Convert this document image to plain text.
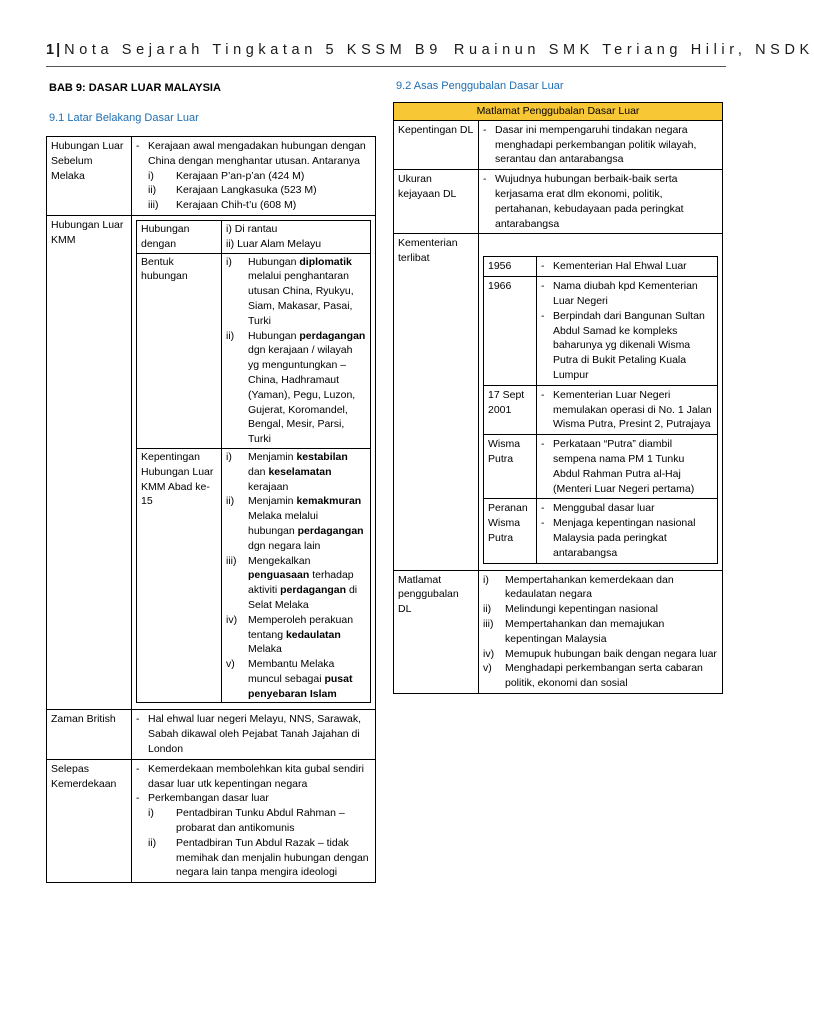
1 | Nota Sejarah Tingkatan 5 KSSM B9 Ruainun SMK Teriang Hilir, NSDK
BAB 9: DASAR LUAR MALAYSIA
9.1 Latar Belakang Dasar Luar
Hubungan Luar Sebelum Melaka	
- Kerajaan awal mengadakan hubungan dengan China dengan menghantar utusan. Antaranya
i)	Kerajaan P’an-p’an (424 M)
ii)	Kerajaan Langkasuka (523 M)
iii)	Kerajaan Chih-t’u (608 M)

Hubungan Luar KMM	
Hubungan dengan	
i) Di rantau
ii) Luar Alam Melayu

Bentuk hubungan	
i)	Hubungan diplomatik melalui penghantaran utusan China, Ryukyu, Siam, Makasar, Pasai, Turki
ii)	Hubungan perdagangan dgn kerajaan / wilayah yg menguntungkan – China, Hadhramaut (Yaman), Pegu, Luzon, Gujerat, Koromandel, Bengal, Mesir, Parsi, Turki

Kepentingan Hubungan Luar KMM Abad ke-15	
i)	Menjamin kestabilan dan keselamatan kerajaan
ii)	Menjamin kemakmuran Melaka melalui hubungan perdagangan dgn negara lain
iii)	Mengekalkan penguasaan terhadap aktiviti perdagangan di Selat Melaka
iv)	Memperoleh perakuan tentang kedaulatan Melaka
v)	Membantu Melaka muncul sebagai pusat penyebaran Islam

Zaman British	
-Hal ehwal luar negeri Melayu, NNS, Sarawak, Sabah dikawal oleh Pejabat Tanah Jajahan di London

Selepas Kemerdekaan	
- Kemerdekaan membolehkan kita gubal sendiri dasar luar utk kepentingan negara
- Perkembangan dasar luar
i)	Pentadbiran Tunku Abdul Rahman – probarat dan antikomunis
ii)	Pentadbiran Tun Abdul Razak – tidak memihak dan menjalin hubungan dengan negara lain tanpa mengira ideologi
9.2 Asas Penggubalan Dasar Luar
Matlamat Penggubalan Dasar Luar
Kepentingan DL	
-Dasar ini mempengaruhi tindakan negara menghadapi perkembangan politik wilayah, serantau dan antarabangsa

Ukuran kejayaan DL	
- Wujudnya hubungan berbaik-baik serta kerjasama erat dlm ekonomi, politik, pertahanan, kebudayaan pada peringkat antarabangsa

Kementerian terlibat	
1956	
-Kementerian Hal Ehwal Luar

1966	
-Nama diubah kpd Kementerian Luar Negeri
- Berpindah dari Bangunan Sultan Abdul Samad ke kompleks baharunya yg dikenali Wisma Putra di Bukit Petaling Kuala Lumpur

17 Sept 2001	
- Kementerian Luar Negeri memulakan operasi di No. 1 Jalan Wisma Putra, Presint 2, Putrajaya

Wisma Putra	
- Perkataan “Putra” diambil sempena nama PM 1 Tunku Abdul Rahman Putra al-Haj (Menteri Luar Negeri pertama)

Peranan Wisma Putra	
- Menggubal dasar luar
- Menjaga kepentingan nasional Malaysia pada peringkat antarabangsa

Matlamat penggubalan DL	
i)	Mempertahankan kemerdekaan dan kedaulatan negara
ii)	Melindungi kepentingan nasional
iii)	Mempertahankan dan memajukan kepentingan Malaysia
iv)	Memupuk hubungan baik dengan negara luar
v)	Menghadapi perkembangan serta cabaran politik, ekonomi dan sosial
